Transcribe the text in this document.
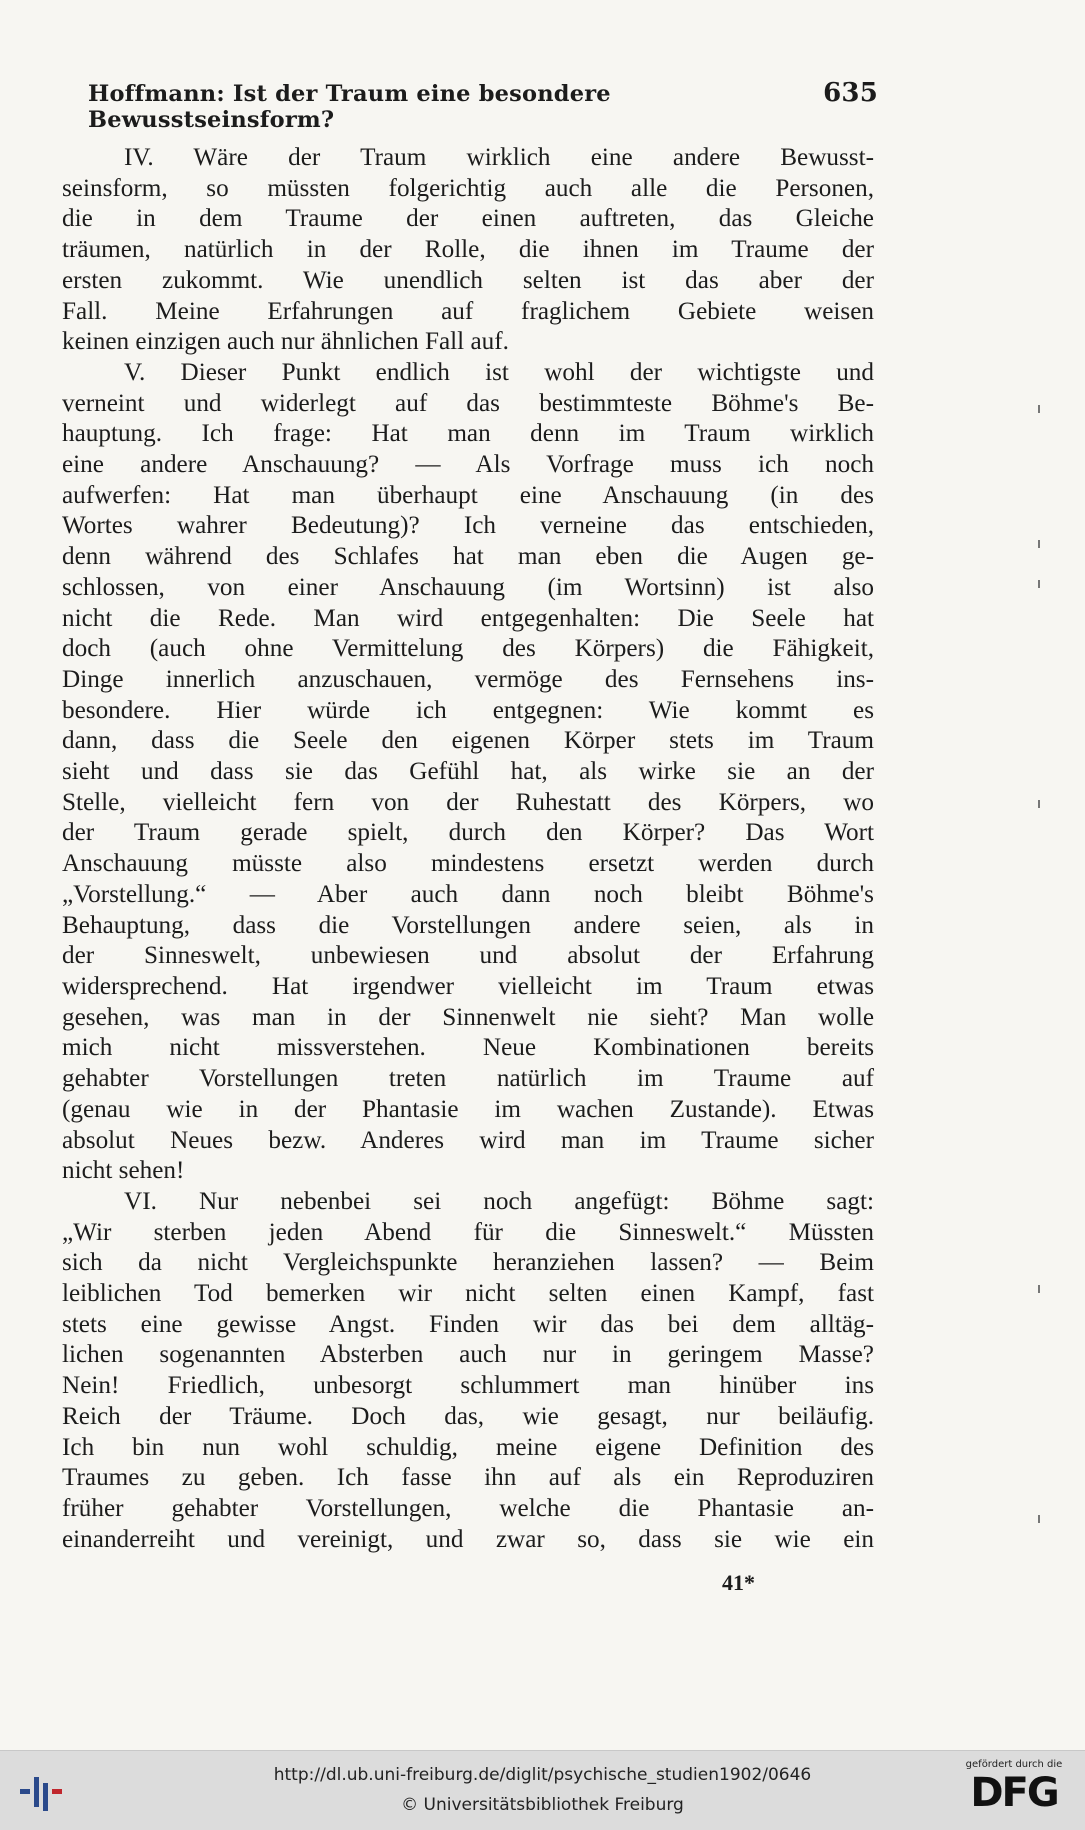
Hoffmann: Ist der Traum eine besondere Bewusstseinsform?
635
IV. Wäre der Traum wirklich eine andere Bewusst-
seinsform, so müssten folgerichtig auch alle die Personen,
die in dem Traume der einen auftreten, das Gleiche
träumen, natürlich in der Rolle, die ihnen im Traume der
ersten zukommt. Wie unendlich selten ist das aber der
Fall. Meine Erfahrungen auf fraglichem Gebiete weisen
keinen einzigen auch nur ähnlichen Fall auf.
V. Dieser Punkt endlich ist wohl der wichtigste und
verneint und widerlegt auf das bestimmteste Böhme's Be-
hauptung. Ich frage: Hat man denn im Traum wirklich
eine andere Anschauung? — Als Vorfrage muss ich noch
aufwerfen: Hat man überhaupt eine Anschauung (in des
Wortes wahrer Bedeutung)? Ich verneine das entschieden,
denn während des Schlafes hat man eben die Augen ge-
schlossen, von einer Anschauung (im Wortsinn) ist also
nicht die Rede. Man wird entgegenhalten: Die Seele hat
doch (auch ohne Vermittelung des Körpers) die Fähigkeit,
Dinge innerlich anzuschauen, vermöge des Fernsehens ins-
besondere. Hier würde ich entgegnen: Wie kommt es
dann, dass die Seele den eigenen Körper stets im Traum
sieht und dass sie das Gefühl hat, als wirke sie an der
Stelle, vielleicht fern von der Ruhestatt des Körpers, wo
der Traum gerade spielt, durch den Körper? Das Wort
Anschauung müsste also mindestens ersetzt werden durch
„Vorstellung.“ — Aber auch dann noch bleibt Böhme's
Behauptung, dass die Vorstellungen andere seien, als in
der Sinneswelt, unbewiesen und absolut der Erfahrung
widersprechend. Hat irgendwer vielleicht im Traum etwas
gesehen, was man in der Sinnenwelt nie sieht? Man wolle
mich nicht missverstehen. Neue Kombinationen bereits
gehabter Vorstellungen treten natürlich im Traume auf
(genau wie in der Phantasie im wachen Zustande). Etwas
absolut Neues bezw. Anderes wird man im Traume sicher
nicht sehen!
VI. Nur nebenbei sei noch angefügt: Böhme sagt:
„Wir sterben jeden Abend für die Sinneswelt.“ Müssten
sich da nicht Vergleichspunkte heranziehen lassen? — Beim
leiblichen Tod bemerken wir nicht selten einen Kampf, fast
stets eine gewisse Angst. Finden wir das bei dem alltäg-
lichen sogenannten Absterben auch nur in geringem Masse?
Nein! Friedlich, unbesorgt schlummert man hinüber ins
Reich der Träume. Doch das, wie gesagt, nur beiläufig.
Ich bin nun wohl schuldig, meine eigene Definition des
Traumes zu geben. Ich fasse ihn auf als ein Reproduziren
früher gehabter Vorstellungen, welche die Phantasie an-
einanderreiht und vereinigt, und zwar so, dass sie wie ein
41*
http://dl.ub.uni-freiburg.de/diglit/psychische_studien1902/0646
© Universitätsbibliothek Freiburg
gefördert durch die
DFG
